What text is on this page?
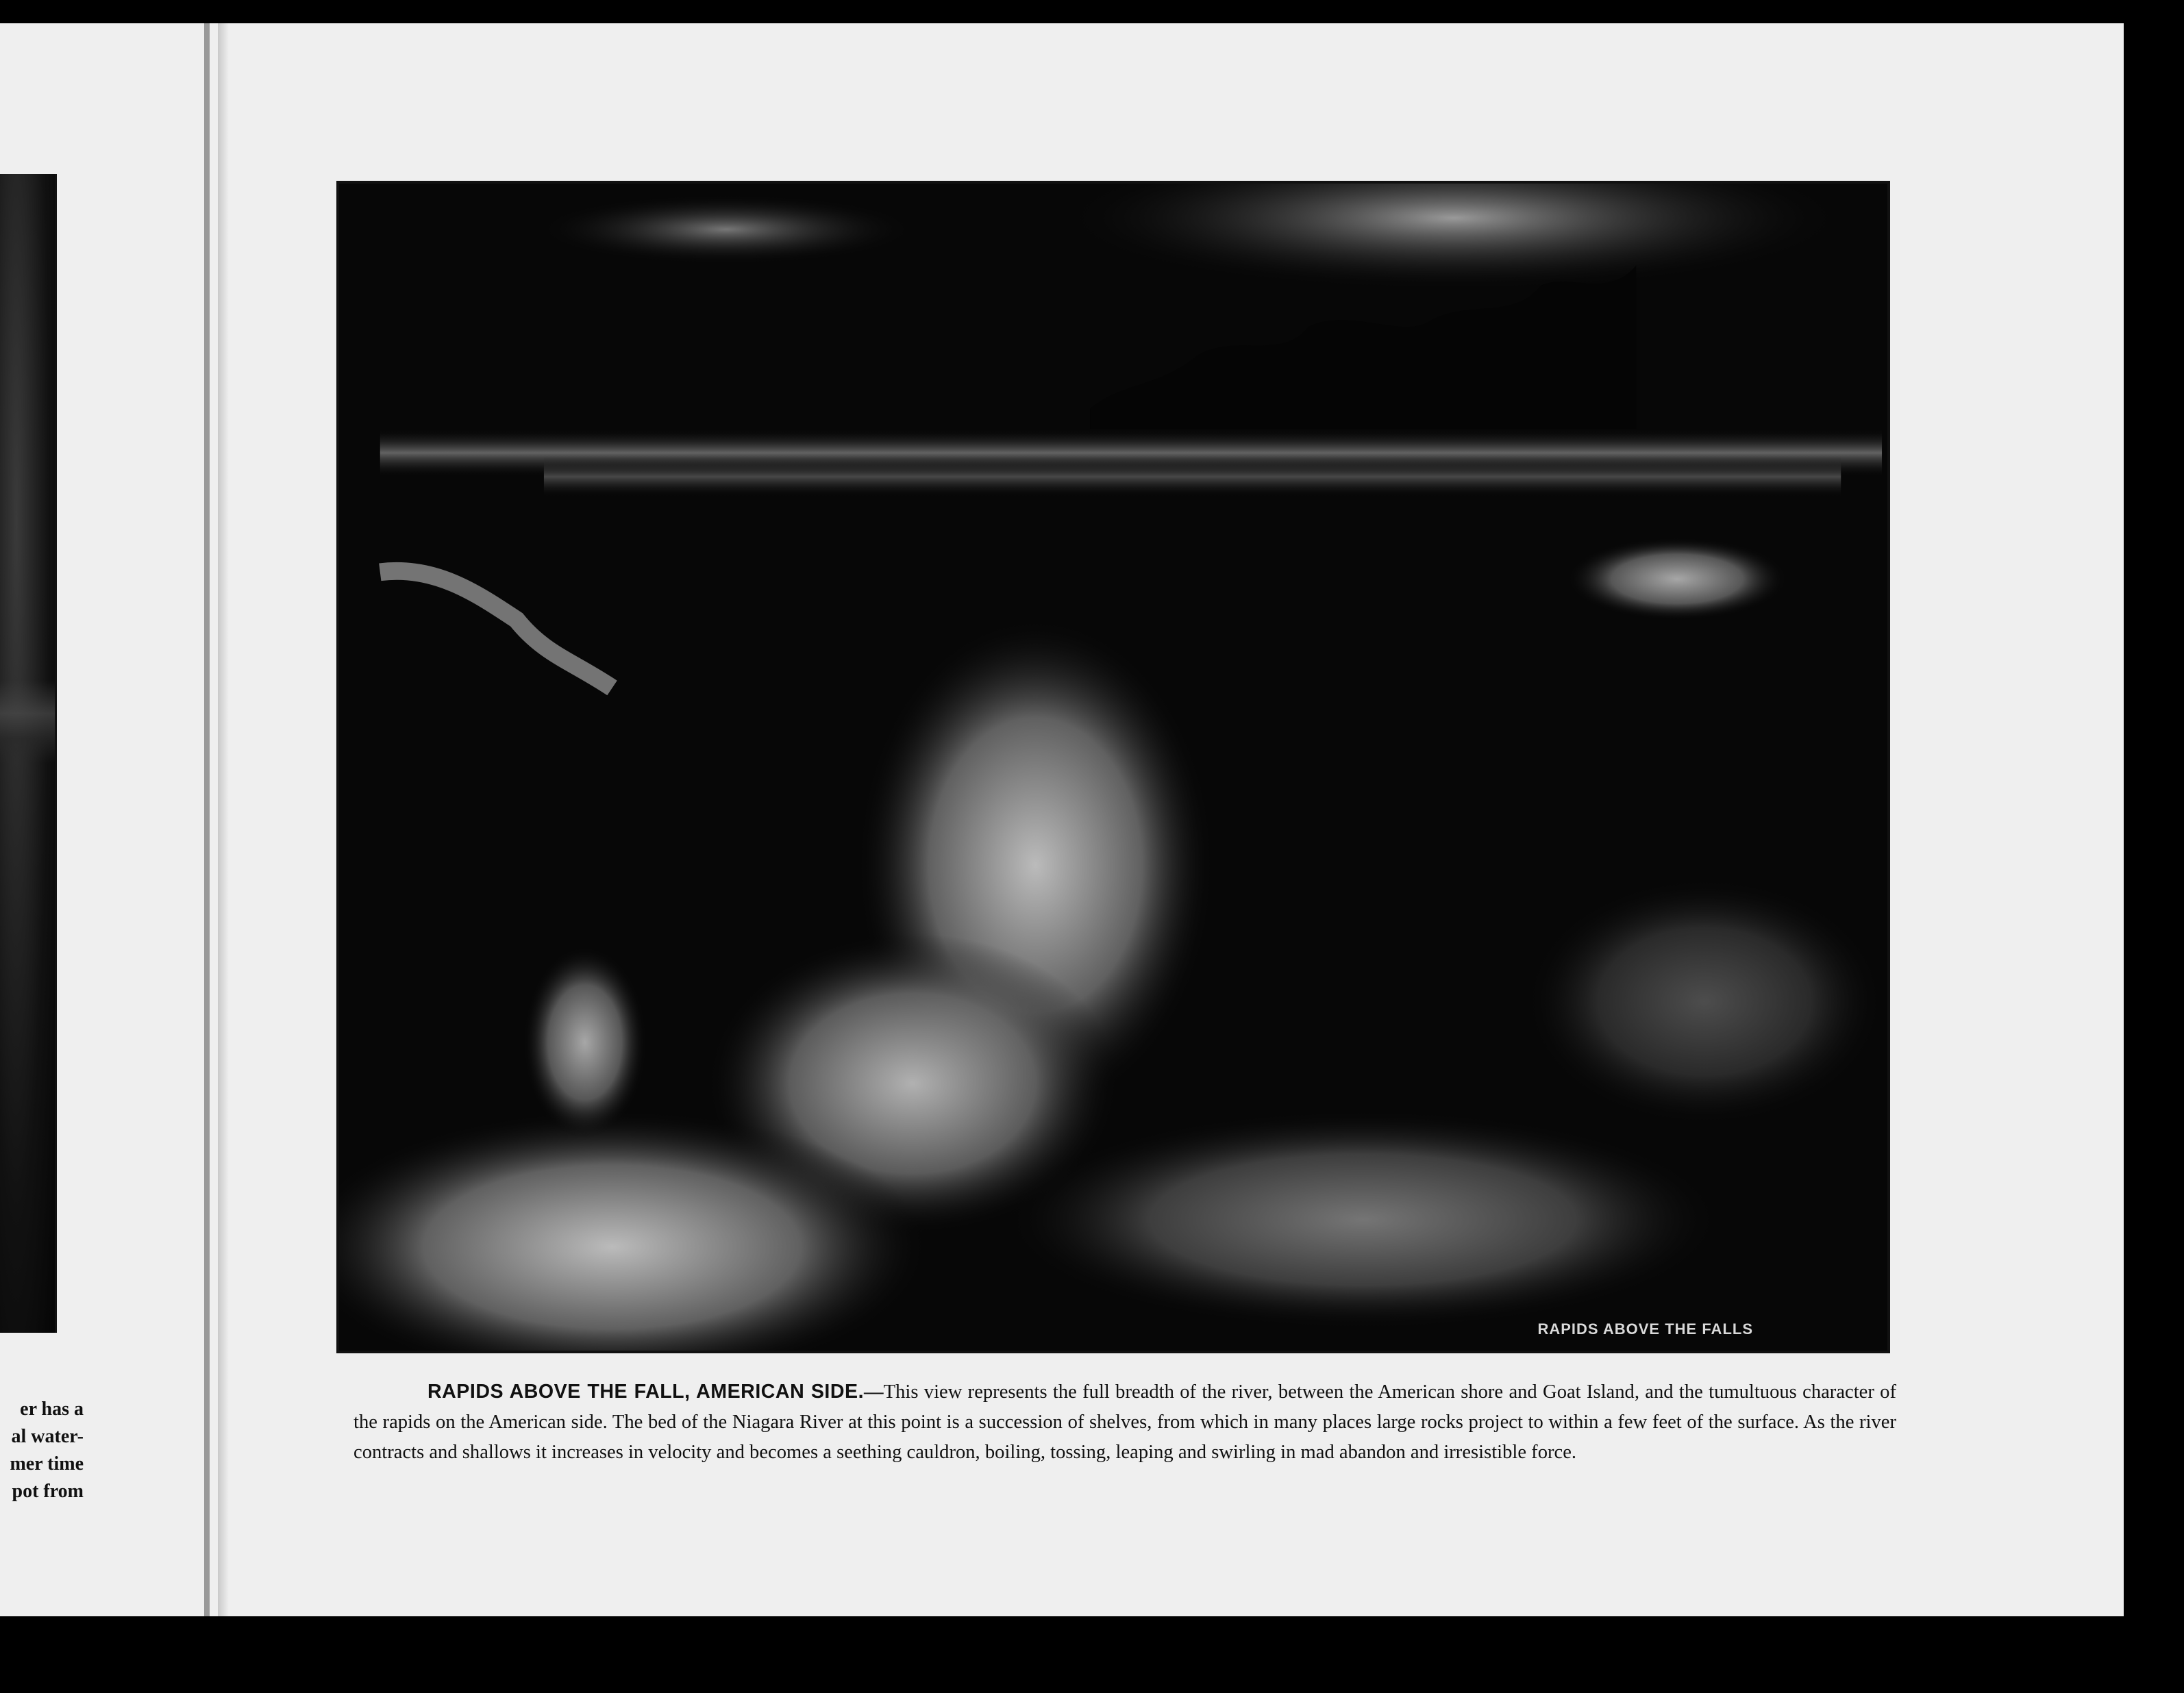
er has a
al water-
mer time
pot from
RAPIDS ABOVE THE FALLS
RAPIDS ABOVE THE FALL, AMERICAN SIDE.—This view represents the full breadth of the river, between the American shore and Goat Island, and the tumultuous character of the rapids on the American side. The bed of the Niagara River at this point is a succession of shelves, from which in many places large rocks project to within a few feet of the surface. As the river contracts and shallows it increases in velocity and becomes a seething cauldron, boiling, tossing, leaping and swirling in mad abandon and irresistible force.
